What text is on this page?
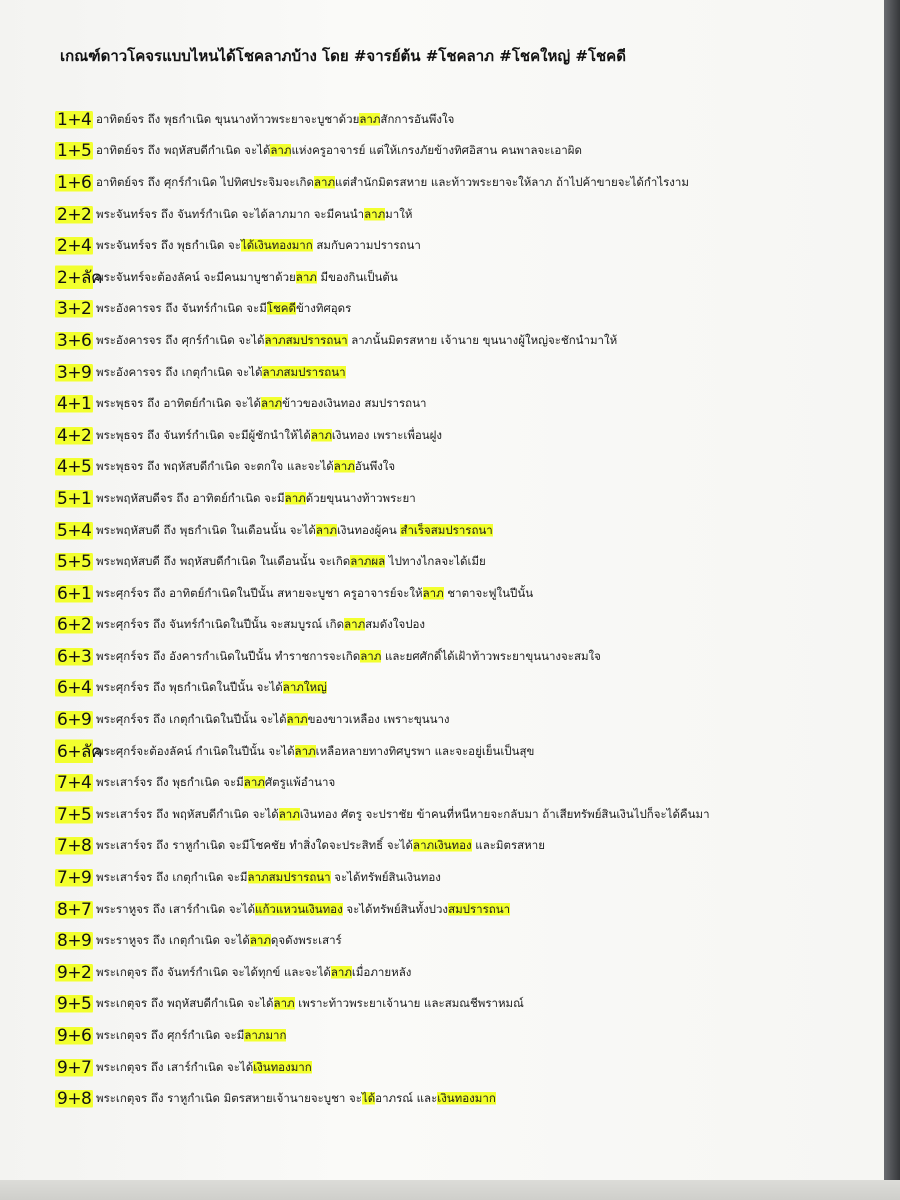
เกณฑ์ดาวโคจรแบบไหนได้โชคลาภบ้าง โดย #จารย์ต้น #โชคลาภ #โชคใหญ่ #โชคดี
1+4 อาทิตย์จร ถึง พุธกำเนิด ขุนนางท้าวพระยาจะบูชาด้วยลาภสักการอันพึงใจ
1+5 อาทิตย์จร ถึง พฤหัสบดีกำเนิด จะได้ลาภแห่งครูอาจารย์ แต่ให้เกรงภัยข้างทิศอิสาน คนพาลจะเอาผิด
1+6 อาทิตย์จร ถึง ศุกร์กำเนิด ไปทิศประจิมจะเกิดลาภแต่สำนักมิตรสหาย และท้าวพระยาจะให้ลาภ ถ้าไปค้าขายจะได้กำไรงาม
2+2 พระจันทร์จร ถึง จันทร์กำเนิด จะได้ลาภมาก จะมีคนนำลาภมาให้
2+4 พระจันทร์จร ถึง พุธกำเนิด จะได้เงินทองมาก สมกับความปรารถนา
2+ลัค
พระจันทร์จะต้องลัคน์ จะมีคนมาบูชาด้วยลาภ มีของกินเป็นต้น
3+2 พระอังคารจร ถึง จันทร์กำเนิด จะมีโชคดีข้างทิศอุดร
3+6 พระอังคารจร ถึง ศุกร์กำเนิด จะได้ลาภสมปรารถนา ลาภนั้นมิตรสหาย เจ้านาย ขุนนางผู้ใหญ่จะชักนำมาให้
3+9 พระอังคารจร ถึง เกตุกำเนิด จะได้ลาภสมปรารถนา
4+1 พระพุธจร ถึง อาทิตย์กำเนิด จะได้ลาภข้าวของเงินทอง สมปรารถนา
4+2 พระพุธจร ถึง จันทร์กำเนิด จะมีผู้ชักนำให้ได้ลาภเงินทอง เพราะเพื่อนฝูง
4+5 พระพุธจร ถึง พฤหัสบดีกำเนิด จะตกใจ และจะได้ลาภอันพึงใจ
5+1 พระพฤหัสบดีจร ถึง อาทิตย์กำเนิด จะมีลาภด้วยขุนนางท้าวพระยา
5+4 พระพฤหัสบดี ถึง พุธกำเนิด ในเดือนนั้น จะได้ลาภเงินทองผู้คน สำเร็จสมปรารถนา
5+5 พระพฤหัสบดี ถึง พฤหัสบดีกำเนิด ในเดือนนั้น จะเกิดลาภผล ไปทางไกลจะได้เมีย
6+1 พระศุกร์จร ถึง อาทิตย์กำเนิดในปีนั้น สหายจะบูชา ครูอาจารย์จะให้ลาภ ชาตาจะฟูในปีนั้น
6+2 พระศุกร์จร ถึง จันทร์กำเนิดในปีนั้น จะสมบูรณ์ เกิดลาภสมดังใจปอง
6+3 พระศุกร์จร ถึง อังคารกำเนิดในปีนั้น ทำราชการจะเกิดลาภ และยศศักดิ์ได้เฝ้าท้าวพระยาขุนนางจะสมใจ
6+4 พระศุกร์จร ถึง พุธกำเนิดในปีนั้น จะได้ลาภใหญ่
6+9 พระศุกร์จร ถึง เกตุกำเนิดในปีนั้น จะได้ลาภของขาวเหลือง เพราะขุนนาง
6+ลัค
พระศุกร์จะต้องลัคน์ กำเนิดในปีนั้น จะได้ลาภเหลือหลายทางทิศบูรพา และจะอยู่เย็นเป็นสุข
7+4 พระเสาร์จร ถึง พุธกำเนิด จะมีลาภศัตรูแพ้อำนาจ
7+5 พระเสาร์จร ถึง พฤหัสบดีกำเนิด จะได้ลาภเงินทอง ศัตรู จะปราชัย ข้าคนที่หนีหายจะกลับมา ถ้าเสียทรัพย์สินเงินไปก็จะได้คืนมา
7+8 พระเสาร์จร ถึง ราหูกำเนิด จะมีโชคชัย ทำสิ่งใดจะประสิทธิ์ จะได้ลาภเงินทอง และมิตรสหาย
7+9 พระเสาร์จร ถึง เกตุกำเนิด จะมีลาภสมปรารถนา จะได้ทรัพย์สินเงินทอง
8+7 พระราหูจร ถึง เสาร์กำเนิด จะได้แก้วแหวนเงินทอง จะได้ทรัพย์สินทั้งปวงสมปรารถนา
8+9 พระราหูจร ถึง เกตุกำเนิด จะได้ลาภดุจดังพระเสาร์
9+2 พระเกตุจร ถึง จันทร์กำเนิด จะได้ทุกข์ และจะได้ลาภเมื่อภายหลัง
9+5 พระเกตุจร ถึง พฤหัสบดีกำเนิด จะได้ลาภ เพราะท้าวพระยาเจ้านาย และสมณชีพราหมณ์
9+6 พระเกตุจร ถึง ศุกร์กำเนิด จะมีลาภมาก
9+7 พระเกตุจร ถึง เสาร์กำเนิด จะได้เงินทองมาก
9+8 พระเกตุจร ถึง ราหูกำเนิด มิตรสหายเจ้านายจะบูชา จะได้อาภรณ์ และเงินทองมาก
